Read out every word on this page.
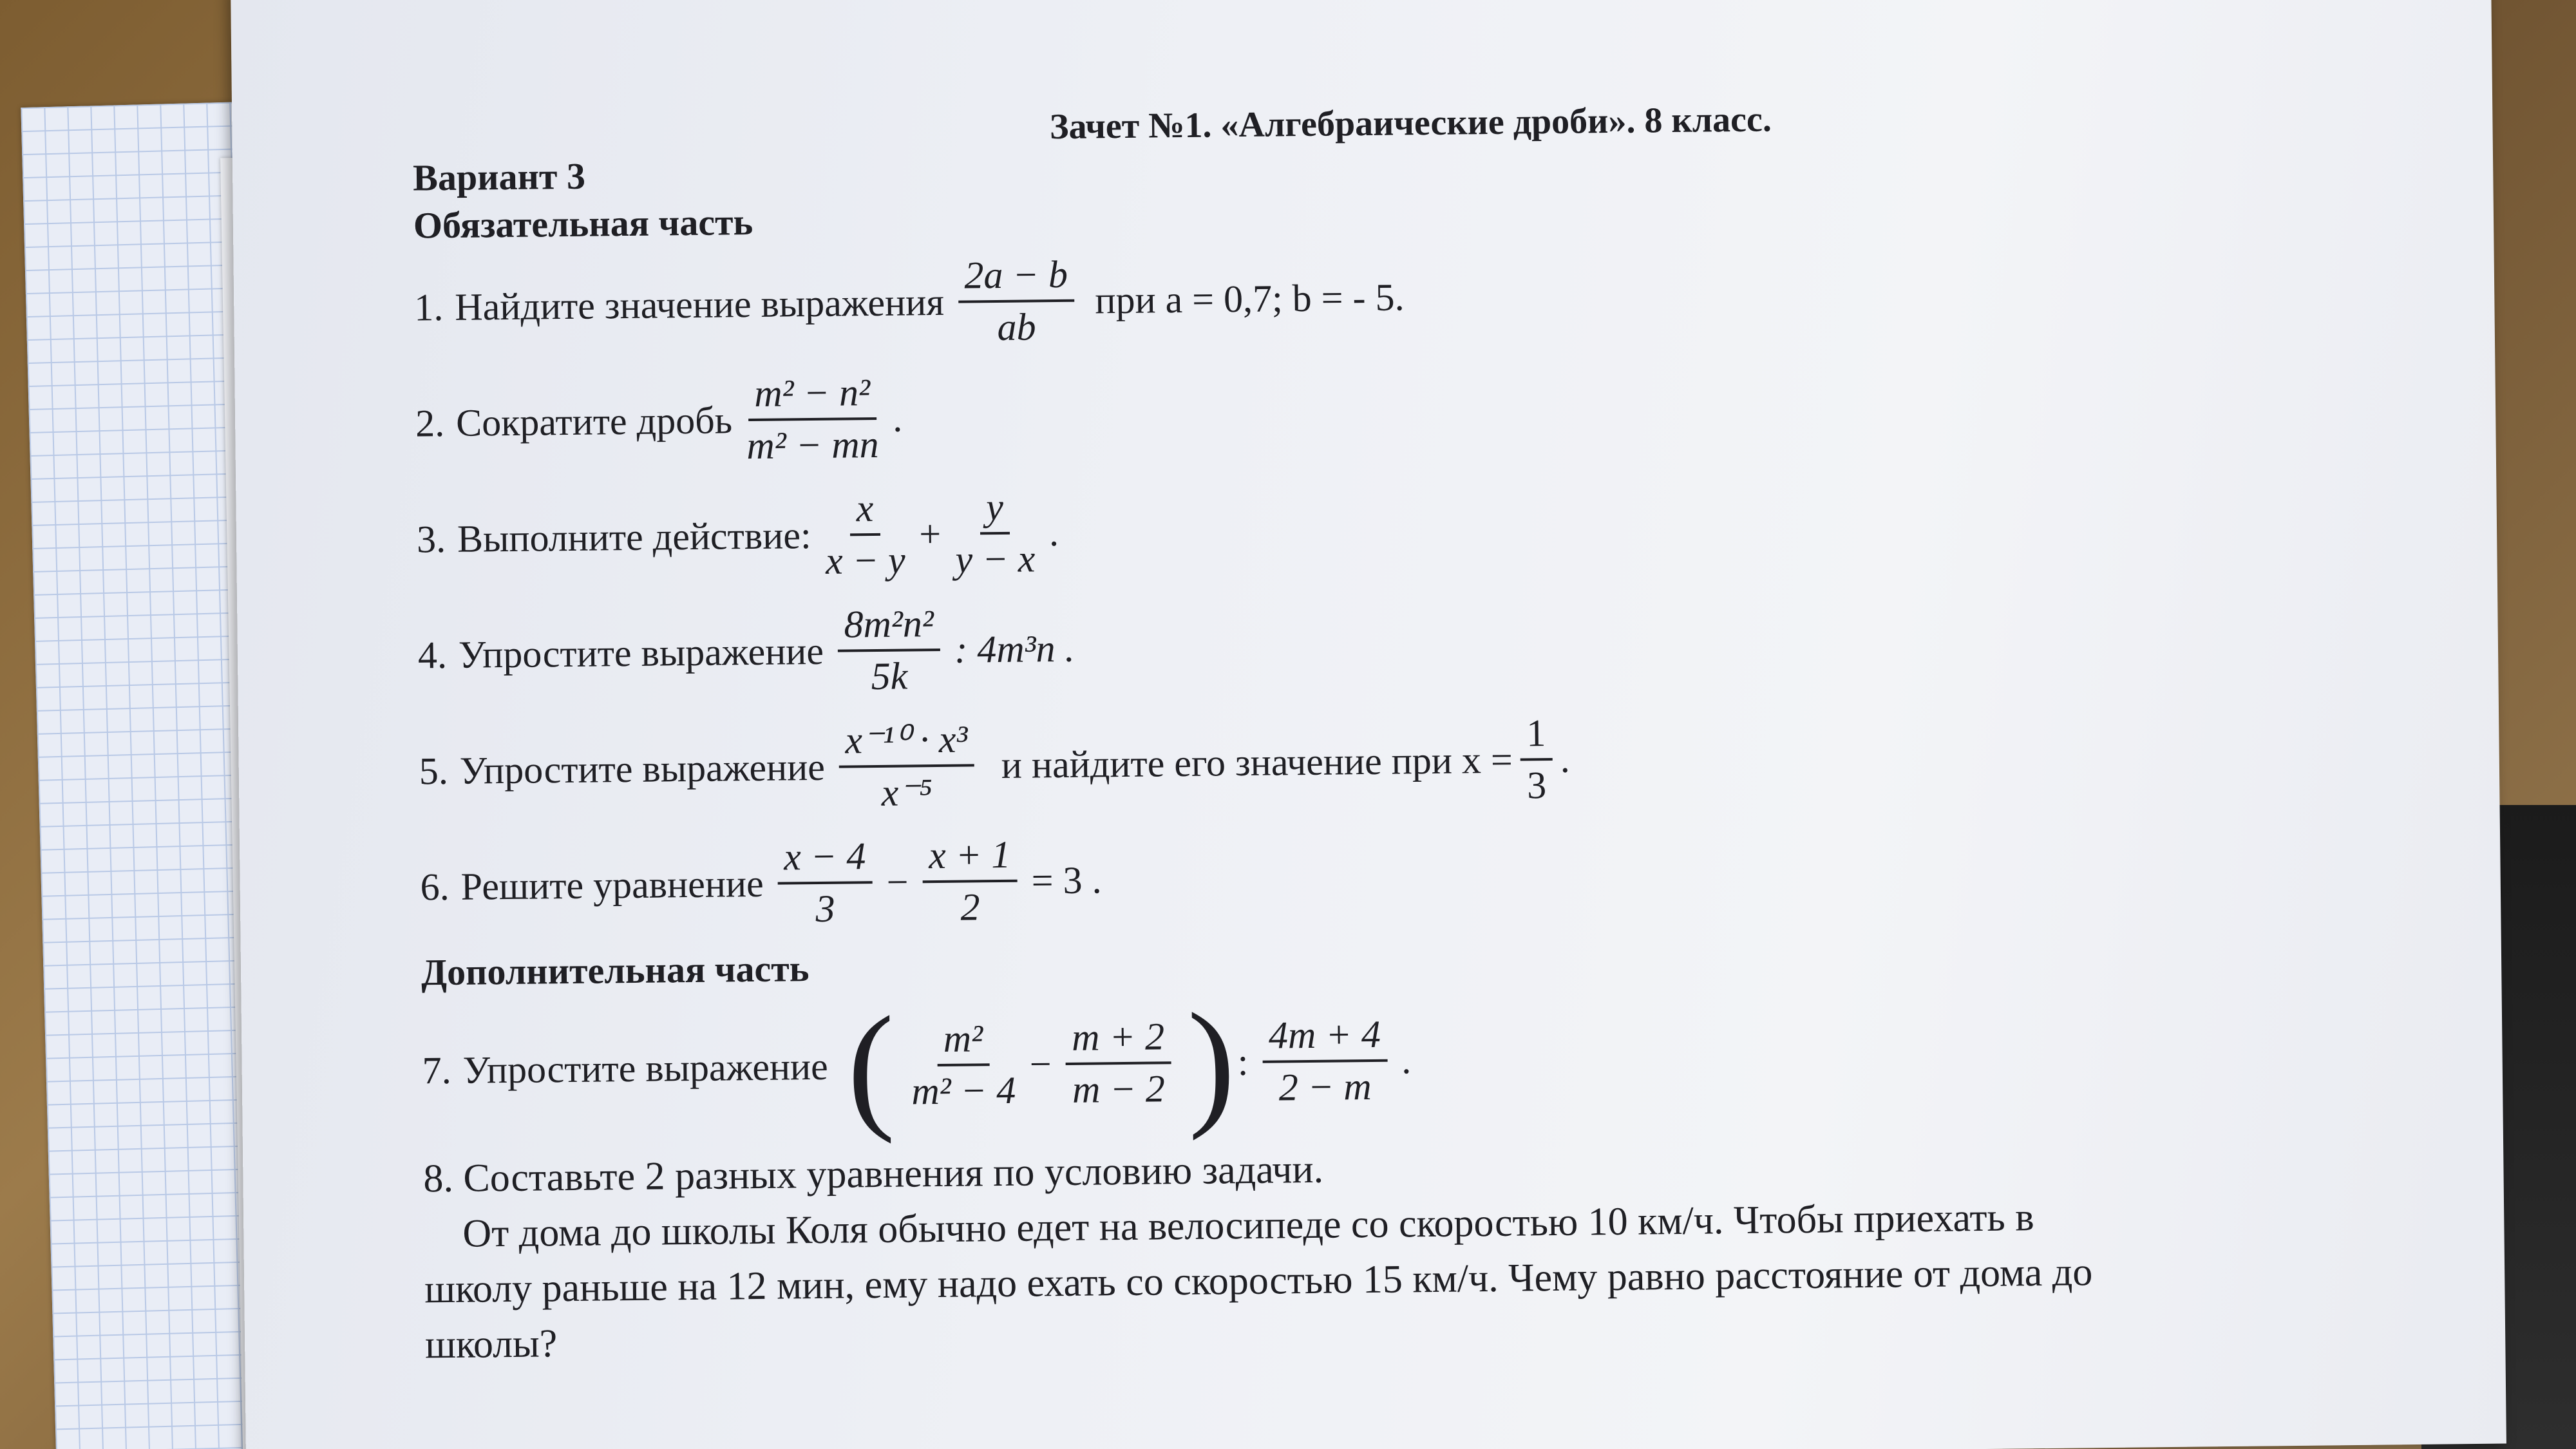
Зачет №1. «Алгебраические дроби». 8 класс.
Вариант 3
Обязательная часть
1. Найдите значение выражения $\frac{2a - b}{ab}$ при a = 0,7; b = - 5.
2. Сократите дробь $\frac{\text{m² − n²}}{\text{m² − mn}}$ .
3. Выполните действие: $\frac{x}{x - y} + \frac{y}{y - x}$ .
4. Упростите выражение $\frac{\text{8m²n²}}{5k}$ : 4m³n .
5. Упростите выражение $\frac{\text{x⁻¹⁰ · x³}}{\text{x⁻⁵}}$ и найдите его значение при $x = \frac{1}{3}$ .
6. Решите уравнение $\frac{x - 4}{3} - \frac{x + 1}{2} = 3$ .
Дополнительная часть
7. Упростите выражение ( $\frac{\text{m²}}{\text{m² − 4}} - \frac{m + 2}{m - 2}$ ) : $\frac{4m + 4}{2 - m}$ .
8. Составьте 2 разных уравнения по условию задачи.
От дома до школы Коля обычно едет на велосипеде со скоростью 10 км/ч. Чтобы приехать в
школу раньше на 12 мин, ему надо ехать со скоростью 15 км/ч. Чему равно расстояние от дома до
школы?
